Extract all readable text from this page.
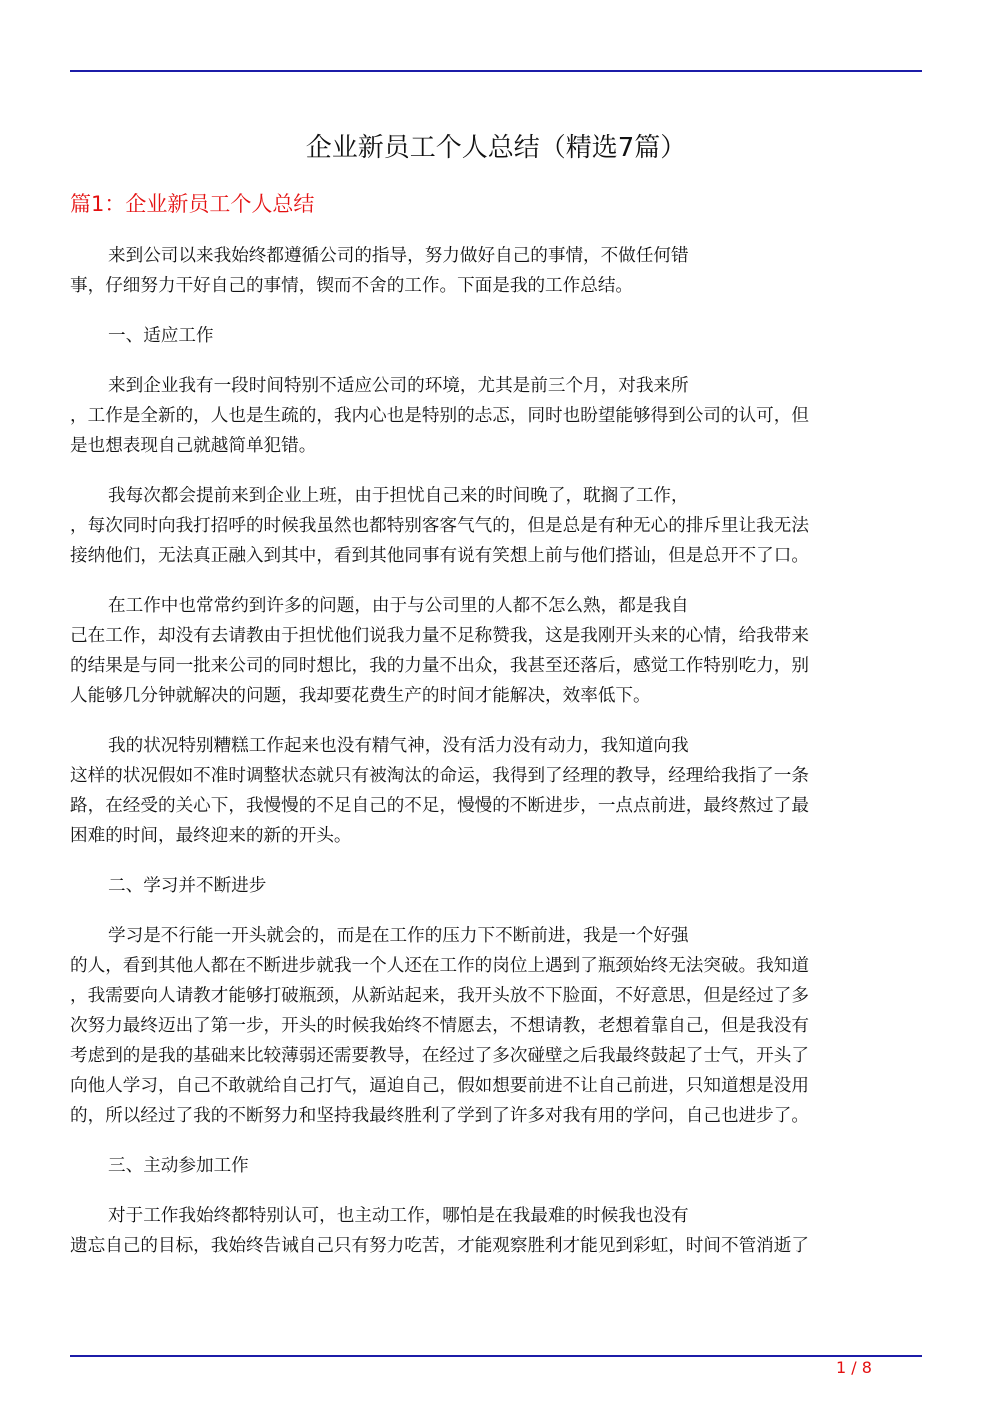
企业新员工个人总结（精选7篇）
篇1：企业新员工个人总结
来到公司以来我始终都遵循公司的指导，努力做好自己的事情，不做任何错
事，仔细努力干好自己的事情，锲而不舍的工作。下面是我的工作总结。
一、适应工作
来到企业我有一段时间特别不适应公司的环境，尤其是前三个月，对我来所
，工作是全新的，人也是生疏的，我内心也是特别的忐忑，同时也盼望能够得到公司的认可，但
是也想表现自己就越简单犯错。
我每次都会提前来到企业上班，由于担忧自己来的时间晚了，耽搁了工作，
，每次同时向我打招呼的时候我虽然也都特别客客气气的，但是总是有种无心的排斥里让我无法
接纳他们，无法真正融入到其中，看到其他同事有说有笑想上前与他们搭讪，但是总开不了口。
在工作中也常常约到许多的问题，由于与公司里的人都不怎么熟，都是我自
己在工作，却没有去请教由于担忧他们说我力量不足称赞我，这是我刚开头来的心情，给我带来
的结果是与同一批来公司的同时想比，我的力量不出众，我甚至还落后，感觉工作特别吃力，别
人能够几分钟就解决的问题，我却要花费生产的时间才能解决，效率低下。
我的状况特别糟糕工作起来也没有精气神，没有活力没有动力，我知道向我
这样的状况假如不准时调整状态就只有被淘汰的命运，我得到了经理的教导，经理给我指了一条
路，在经受的关心下，我慢慢的不足自己的不足，慢慢的不断进步，一点点前进，最终熬过了最
困难的时间，最终迎来的新的开头。
二、学习并不断进步
学习是不行能一开头就会的，而是在工作的压力下不断前进，我是一个好强
的人，看到其他人都在不断进步就我一个人还在工作的岗位上遇到了瓶颈始终无法突破。我知道
，我需要向人请教才能够打破瓶颈，从新站起来，我开头放不下脸面，不好意思，但是经过了多
次努力最终迈出了第一步，开头的时候我始终不情愿去，不想请教，老想着靠自己，但是我没有
考虑到的是我的基础来比较薄弱还需要教导，在经过了多次碰壁之后我最终鼓起了士气，开头了
向他人学习，自己不敢就给自己打气，逼迫自己，假如想要前进不让自己前进，只知道想是没用
的，所以经过了我的不断努力和坚持我最终胜利了学到了许多对我有用的学问，自己也进步了。
三、主动参加工作
对于工作我始终都特别认可，也主动工作，哪怕是在我最难的时候我也没有
遗忘自己的目标，我始终告诫自己只有努力吃苦，才能观察胜利才能见到彩虹，时间不管消逝了
1 / 8
